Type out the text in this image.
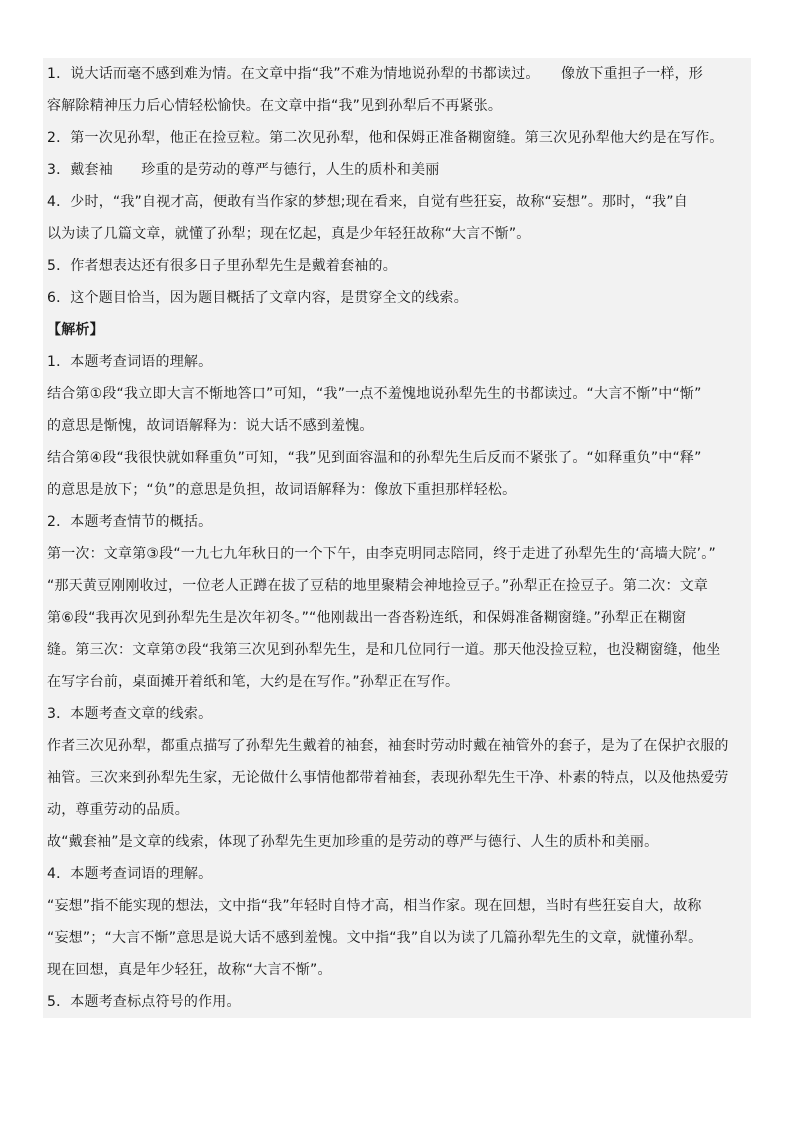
1．说大话而毫不感到难为情。在文章中指“我”不难为情地说孙犁的书都读过。　　像放下重担子一样，形
容解除精神压力后心情轻松愉快。在文章中指“我”见到孙犁后不再紧张。
2．第一次见孙犁，他正在捡豆粒。第二次见孙犁，他和保姆正准备糊窗缝。第三次见孙犁他大约是在写作。
3．戴套袖　　珍重的是劳动的尊严与德行，人生的质朴和美丽
4．少时，“我”自视才高，便敢有当作家的梦想;现在看来，自觉有些狂妄，故称“妄想”。那时，“我”自
以为读了几篇文章，就懂了孙犁；现在忆起，真是少年轻狂故称“大言不惭”。
5．作者想表达还有很多日子里孙犁先生是戴着套袖的。
6．这个题目恰当，因为题目概括了文章内容，是贯穿全文的线索。
【解析】
1．本题考查词语的理解。
结合第①段“我立即大言不惭地答口”可知，“我”一点不羞愧地说孙犁先生的书都读过。“大言不惭”中“惭”
的意思是惭愧，故词语解释为：说大话不感到羞愧。
结合第④段“我很快就如释重负”可知，“我”见到面容温和的孙犁先生后反而不紧张了。“如释重负”中“释”
的意思是放下；“负”的意思是负担，故词语解释为：像放下重担那样轻松。
2．本题考查情节的概括。
第一次：文章第③段“一九七九年秋日的一个下午，由李克明同志陪同，终于走进了孙犁先生的‘高墙大院’。”
“那天黄豆刚刚收过，一位老人正蹲在拔了豆秸的地里聚精会神地捡豆子。”孙犁正在捡豆子。第二次：文章
第⑥段“我再次见到孙犁先生是次年初冬。”“他刚裁出一沓沓粉连纸，和保姆准备糊窗缝。”孙犁正在糊窗
缝。第三次：文章第⑦段“我第三次见到孙犁先生，是和几位同行一道。那天他没捡豆粒，也没糊窗缝，他坐
在写字台前，桌面摊开着纸和笔，大约是在写作。”孙犁正在写作。
3．本题考查文章的线索。
作者三次见孙犁，都重点描写了孙犁先生戴着的袖套，袖套时劳动时戴在袖管外的套子，是为了在保护衣服的
袖管。三次来到孙犁先生家，无论做什么事情他都带着袖套，表现孙犁先生干净、朴素的特点，以及他热爱劳
动，尊重劳动的品质。
故“戴套袖”是文章的线索，体现了孙犁先生更加珍重的是劳动的尊严与德行、人生的质朴和美丽。
4．本题考查词语的理解。
“妄想”指不能实现的想法，文中指“我”年轻时自恃才高，相当作家。现在回想，当时有些狂妄自大，故称
“妄想”；“大言不惭”意思是说大话不感到羞愧。文中指“我”自以为读了几篇孙犁先生的文章，就懂孙犁。
现在回想，真是年少轻狂，故称“大言不惭”。
5．本题考查标点符号的作用。
